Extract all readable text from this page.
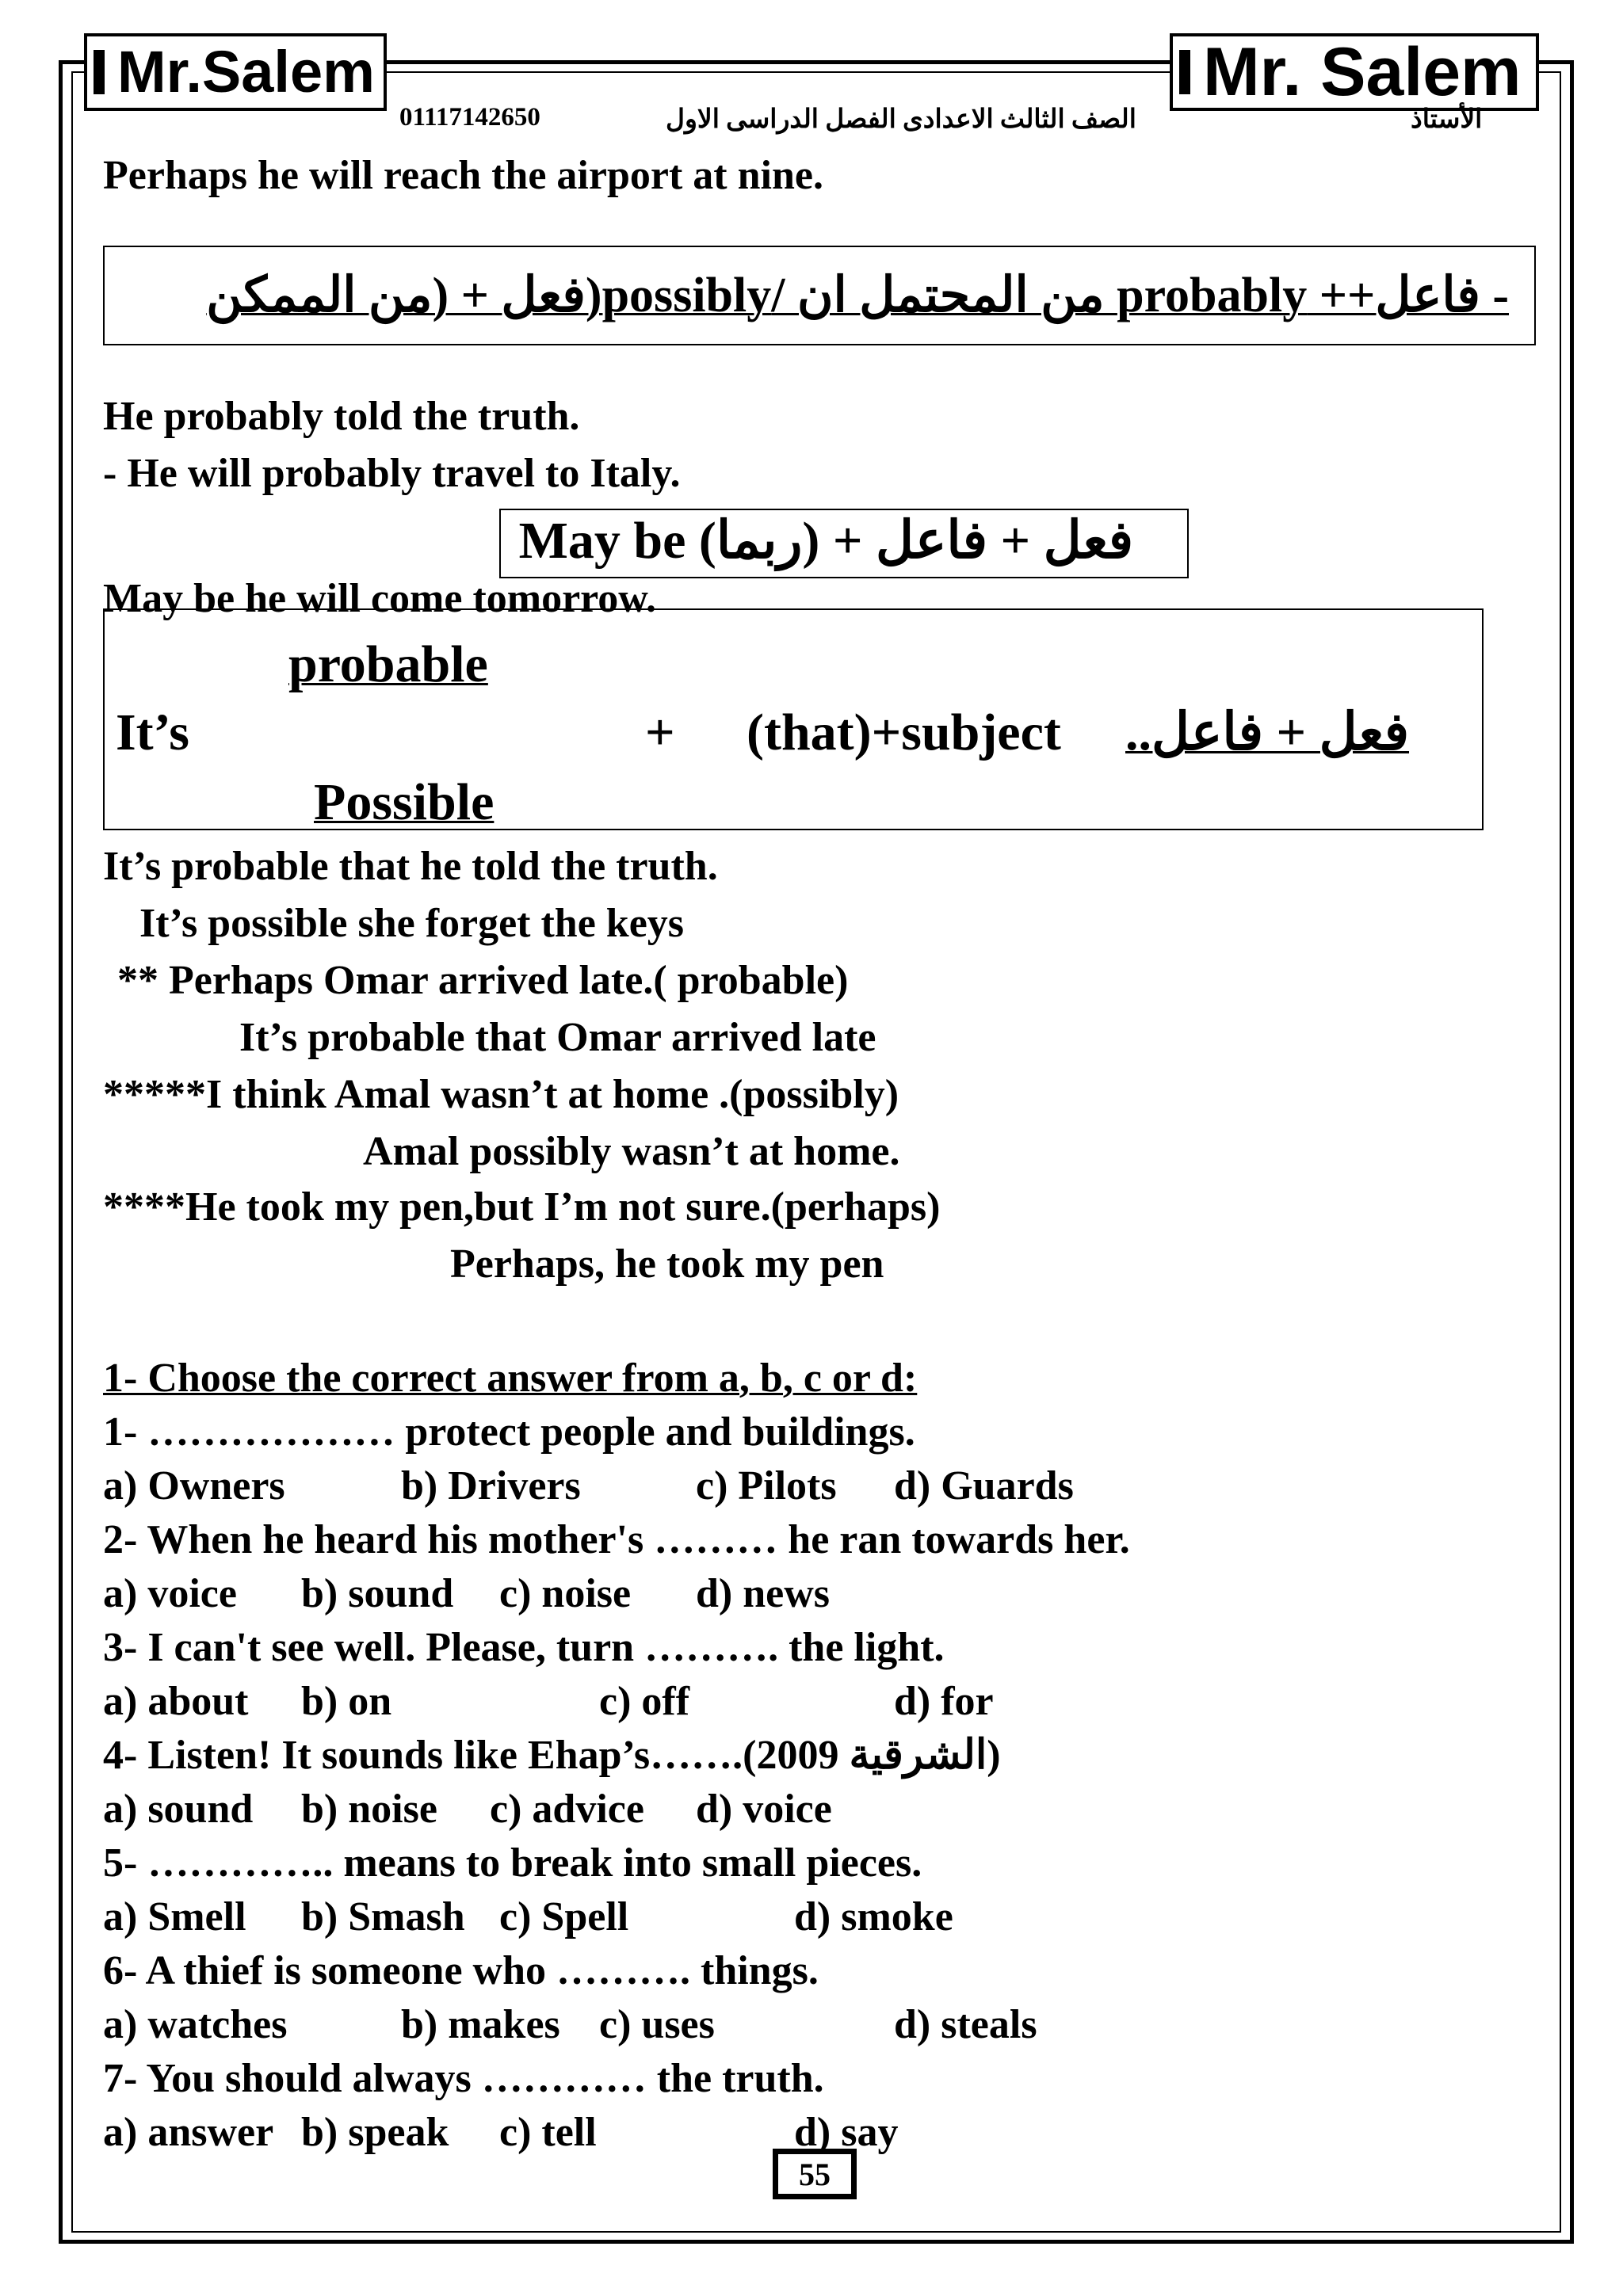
Mr.Salem	Mr. Salem
01117142650	الصف الثالث الاعدادى الفصل الدراسى الاول	الأستاذ
Perhaps he will reach the airport at nine.
- فاعل++ probably من المحتمل ان /possibly(فعل + (من الممكن
He probably told the truth.
- He will probably travel to Italy.
May be (فعل + فاعل + (ربما
May be he will come tomorrow.
probable
It’s	+ (that)+subject فعل + فاعل..
Possible
It’s probable that he told the truth.
It’s possible she forget the keys
** Perhaps Omar arrived late.( probable)
It’s probable that Omar arrived late
*****I think Amal wasn’t at home .(possibly)
Amal possibly wasn’t at home.
****He took my pen,but I’m not sure.(perhaps)
Perhaps, he took my pen
1- Choose the correct answer from a, b, c or d:
1- ……………… protect people and buildings.
a) Owners	b) Drivers	c) Pilots d) Guards
2- When he heard his mother's ……… he ran towards her.
a) voice b) sound c) noise d) news
3- I can't see well. Please, turn ………. the light.
a) about b) on	c) off	d) for
4- Listen! It sounds like Ehap’s…….(2009 الشرقية)
a) sound b) noise c) advice d) voice
5- ………….. means to break into small pieces.
a) Smell b) Smash c) Spell	d) smoke
6- A thief is someone who ………. things.
a) watches	b) makes c) uses	d) steals
7- You should always ………… the truth.
a) answer b) speak c) tell	d) say
55
